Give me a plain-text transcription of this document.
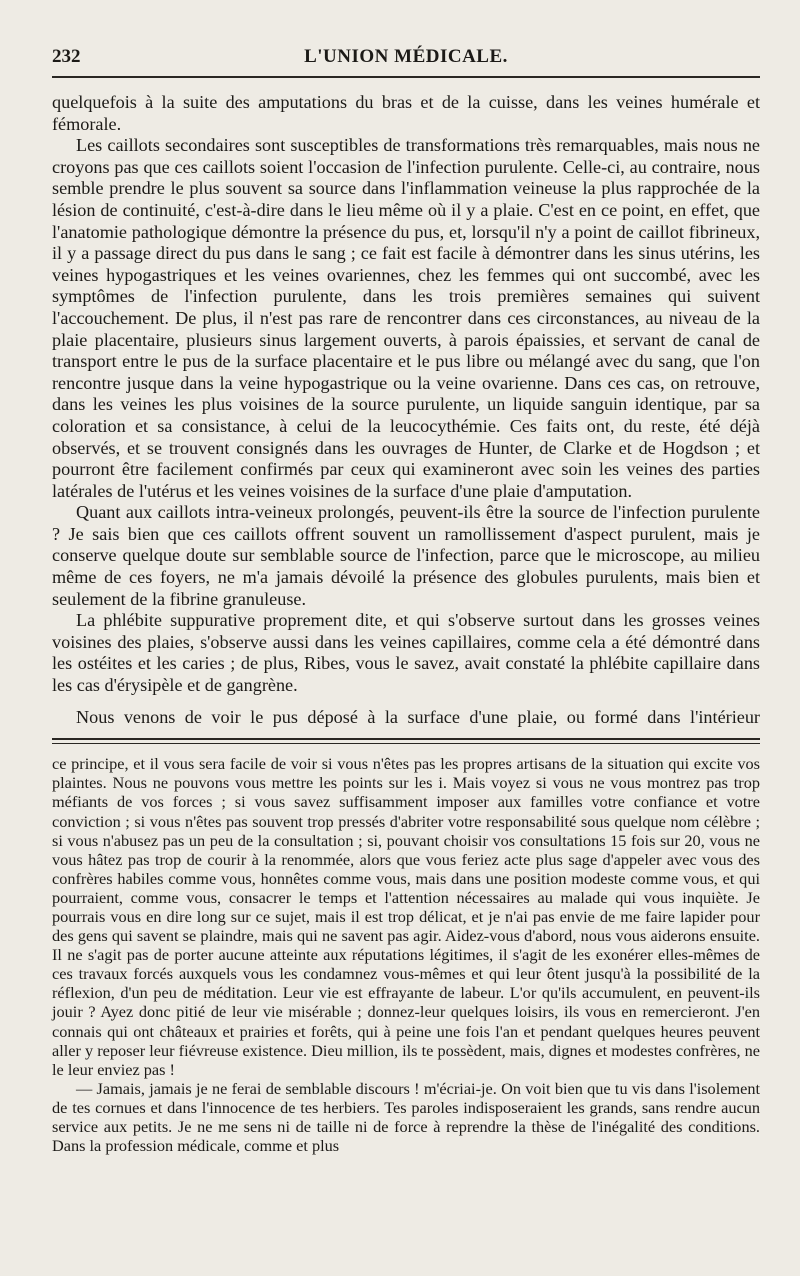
232	L'UNION MÉDICALE.

quelquefois à la suite des amputations du bras et de la cuisse, dans les veines humérale et fémorale.

Les caillots secondaires sont susceptibles de transformations très remarquables, mais nous ne croyons pas que ces caillots soient l'occasion de l'infection purulente. Celle-ci, au contraire, nous semble prendre le plus souvent sa source dans l'inflammation veineuse la plus rapprochée de la lésion de continuité, c'est-à-dire dans le lieu même où il y a plaie. C'est en ce point, en effet, que l'anatomie pathologique démontre la présence du pus, et, lorsqu'il n'y a point de caillot fibrineux, il y a passage direct du pus dans le sang ; ce fait est facile à démontrer dans les sinus utérins, les veines hypogastriques et les veines ovariennes, chez les femmes qui ont succombé, avec les symptômes de l'infection purulente, dans les trois premières semaines qui suivent l'accouchement. De plus, il n'est pas rare de rencontrer dans ces circonstances, au niveau de la plaie placentaire, plusieurs sinus largement ouverts, à parois épaissies, et servant de canal de transport entre le pus de la surface placentaire et le pus libre ou mélangé avec du sang, que l'on rencontre jusque dans la veine hypogastrique ou la veine ovarienne. Dans ces cas, on retrouve, dans les veines les plus voisines de la source purulente, un liquide sanguin identique, par sa coloration et sa consistance, à celui de la leucocythémie. Ces faits ont, du reste, été déjà observés, et se trouvent consignés dans les ouvrages de Hunter, de Clarke et de Hogdson ; et pourront être facilement confirmés par ceux qui examineront avec soin les veines des parties latérales de l'utérus et les veines voisines de la surface d'une plaie d'amputation.

Quant aux caillots intra-veineux prolongés, peuvent-ils être la source de l'infection purulente ? Je sais bien que ces caillots offrent souvent un ramollissement d'aspect purulent, mais je conserve quelque doute sur semblable source de l'infection, parce que le microscope, au milieu même de ces foyers, ne m'a jamais dévoilé la présence des globules purulents, mais bien et seulement de la fibrine granuleuse.

La phlébite suppurative proprement dite, et qui s'observe surtout dans les grosses veines voisines des plaies, s'observe aussi dans les veines capillaires, comme cela a été démontré dans les ostéites et les caries ; de plus, Ribes, vous le savez, avait constaté la phlébite capillaire dans les cas d'érysipèle et de gangrène.

Nous venons de voir le pus déposé à la surface d'une plaie, ou formé dans l'intérieur

ce principe, et il vous sera facile de voir si vous n'êtes pas les propres artisans de la situation qui excite vos plaintes. Nous ne pouvons vous mettre les points sur les i. Mais voyez si vous ne vous montrez pas trop méfiants de vos forces ; si vous savez suffisamment imposer aux familles votre confiance et votre conviction ; si vous n'êtes pas souvent trop pressés d'abriter votre responsabilité sous quelque nom célèbre ; si vous n'abusez pas un peu de la consultation ; si, pouvant choisir vos consultations 15 fois sur 20, vous ne vous hâtez pas trop de courir à la renommée, alors que vous feriez acte plus sage d'appeler avec vous des confrères habiles comme vous, honnêtes comme vous, mais dans une position modeste comme vous, et qui pourraient, comme vous, consacrer le temps et l'attention nécessaires au malade qui vous inquiète. Je pourrais vous en dire long sur ce sujet, mais il est trop délicat, et je n'ai pas envie de me faire lapider pour des gens qui savent se plaindre, mais qui ne savent pas agir. Aidez-vous d'abord, nous vous aiderons ensuite. Il ne s'agit pas de porter aucune atteinte aux réputations légitimes, il s'agit de les exonérer elles-mêmes de ces travaux forcés auxquels vous les condamnez vous-mêmes et qui leur ôtent jusqu'à la possibilité de la réflexion, d'un peu de méditation. Leur vie est effrayante de labeur. L'or qu'ils accumulent, en peuvent-ils jouir ? Ayez donc pitié de leur vie misérable ; donnez-leur quelques loisirs, ils vous en remercieront. J'en connais qui ont châteaux et prairies et forêts, qui à peine une fois l'an et pendant quelques heures peuvent aller y reposer leur fiévreuse existence. Dieu million, ils te possèdent, mais, dignes et modestes confrères, ne le leur enviez pas !

— Jamais, jamais je ne ferai de semblable discours ! m'écriai-je. On voit bien que tu vis dans l'isolement de tes cornues et dans l'innocence de tes herbiers. Tes paroles indisposeraient les grands, sans rendre aucun service aux petits. Je ne me sens ni de taille ni de force à reprendre la thèse de l'inégalité des conditions. Dans la profession médicale, comme et plus
